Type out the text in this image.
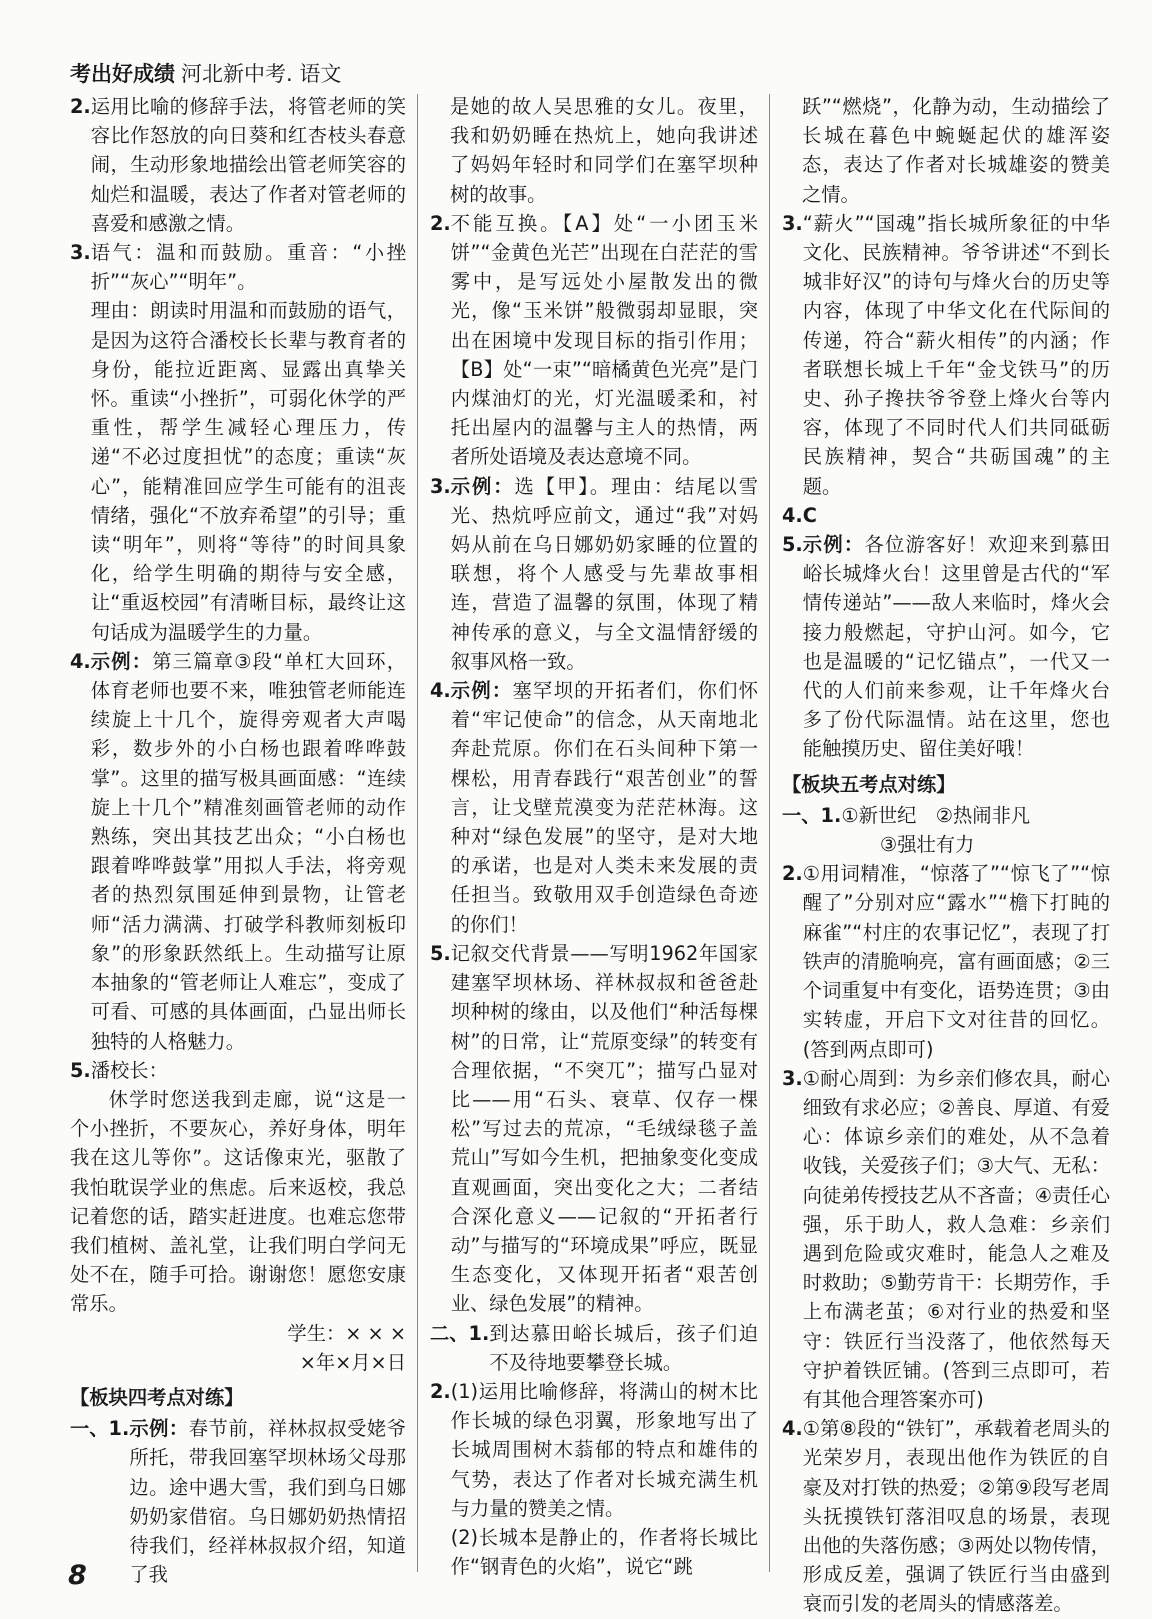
考出好成绩 河北新中考. 语文
2. 运用比喻的修辞手法，将管老师的笑容比作怒放的向日葵和红杏枝头春意闹，生动形象地描绘出管老师笑容的灿烂和温暖，表达了作者对管老师的喜爱和感激之情。
3. 语气：温和而鼓励。重音：“小挫折”“灰心”“明年”。
理由：朗读时用温和而鼓励的语气，是因为这符合潘校长长辈与教育者的身份，能拉近距离、显露出真挚关怀。重读“小挫折”，可弱化休学的严重性，帮学生减轻心理压力，传递“不必过度担忧”的态度；重读“灰心”，能精准回应学生可能有的沮丧情绪，强化“不放弃希望”的引导；重读“明年”，则将“等待”的时间具象化，给学生明确的期待与安全感，让“重返校园”有清晰目标，最终让这句话成为温暖学生的力量。
4. 示例：第三篇章③段“单杠大回环，体育老师也要不来，唯独管老师能连续旋上十几个，旋得旁观者大声喝彩，数步外的小白杨也跟着哗哗鼓掌”。这里的描写极具画面感：“连续旋上十几个”精准刻画管老师的动作熟练，突出其技艺出众；“小白杨也跟着哗哗鼓掌”用拟人手法，将旁观者的热烈氛围延伸到景物，让管老师“活力满满、打破学科教师刻板印象”的形象跃然纸上。生动描写让原本抽象的“管老师让人难忘”，变成了可看、可感的具体画面，凸显出师长独特的人格魅力。
5. 潘校长：

休学时您送我到走廊，说“这是一个小挫折，不要灰心，养好身体，明年我在这儿等你”。这话像束光，驱散了我怕耽误学业的焦虑。后来返校，我总记着您的话，踏实赶进度。也难忘您带我们植树、盖礼堂，让我们明白学问无处不在，随手可拾。谢谢您！愿您安康常乐。

学生：× × ×

×年×月×日

【板块四考点对练】
一、1. 示例：春节前，祥林叔叔受姥爷所托，带我回塞罕坝林场父母那边。途中遇大雪，我们到乌日娜奶奶家借宿。乌日娜奶奶热情招待我们，经祥林叔叔介绍，知道了我

是她的故人吴思雅的女儿。夜里，我和奶奶睡在热炕上，她向我讲述了妈妈年轻时和同学们在塞罕坝种树的故事。

2. 不能互换。【A】处“一小团玉米饼”“金黄色光芒”出现在白茫茫的雪雾中，是写远处小屋散发出的微光，像“玉米饼”般微弱却显眼，突出在困境中发现目标的指引作用；【B】处“一束”“暗橘黄色光亮”是门内煤油灯的光，灯光温暖柔和，衬托出屋内的温馨与主人的热情，两者所处语境及表达意境不同。
3. 示例：选【甲】。理由：结尾以雪光、热炕呼应前文，通过“我”对妈妈从前在乌日娜奶奶家睡的位置的联想，将个人感受与先辈故事相连，营造了温馨的氛围，体现了精神传承的意义，与全文温情舒缓的叙事风格一致。
4. 示例：塞罕坝的开拓者们，你们怀着“牢记使命”的信念，从天南地北奔赴荒原。你们在石头间种下第一棵松，用青春践行“艰苦创业”的誓言，让戈壁荒漠变为茫茫林海。这种对“绿色发展”的坚守，是对大地的承诺，也是对人类未来发展的责任担当。致敬用双手创造绿色奇迹的你们！
5. 记叙交代背景——写明1962年国家建塞罕坝林场、祥林叔叔和爸爸赴坝种树的缘由，以及他们“种活每棵树”的日常，让“荒原变绿”的转变有合理依据，“不突兀”；描写凸显对比——用“石头、衰草、仅存一棵松”写过去的荒凉，“毛绒绿毯子盖荒山”写如今生机，把抽象变化变成直观画面，突出变化之大；二者结合深化意义——记叙的“开拓者行动”与描写的“环境成果”呼应，既显生态变化，又体现开拓者“艰苦创业、绿色发展”的精神。
二、1. 到达慕田峪长城后，孩子们迫不及待地要攀登长城。
2. (1)运用比喻修辞，将满山的树木比作长城的绿色羽翼，形象地写出了长城周围树木蓊郁的特点和雄伟的气势，表达了作者对长城充满生机与力量的赞美之情。
(2)长城本是静止的，作者将长城比作“钢青色的火焰”，说它“跳

跃”“燃烧”，化静为动，生动描绘了长城在暮色中蜿蜒起伏的雄浑姿态，表达了作者对长城雄姿的赞美之情。

3. “薪火”“国魂”指长城所象征的中华文化、民族精神。爷爷讲述“不到长城非好汉”的诗句与烽火台的历史等内容，体现了中华文化在代际间的传递，符合“薪火相传”的内涵；作者联想长城上千年“金戈铁马”的历史、孙子搀扶爷爷登上烽火台等内容，体现了不同时代人们共同砥砺民族精神，契合“共砺国魂”的主题。
4. C
5. 示例：各位游客好！欢迎来到慕田峪长城烽火台！这里曾是古代的“军情传递站”——敌人来临时，烽火会接力般燃起，守护山河。如今，它也是温暖的“记忆锚点”，一代又一代的人们前来参观，让千年烽火台多了份代际温情。站在这里，您也能触摸历史、留住美好哦！
【板块五考点对练】
一、1. ①新世纪　②热闹非凡
③强壮有力
2. ①用词精准，“惊落了”“惊飞了”“惊醒了”分别对应“露水”“檐下打盹的麻雀”“村庄的农事记忆”，表现了打铁声的清脆响亮，富有画面感；②三个词重复中有变化，语势连贯；③由实转虚，开启下文对往昔的回忆。(答到两点即可)
3. ①耐心周到：为乡亲们修农具，耐心细致有求必应；②善良、厚道、有爱心：体谅乡亲们的难处，从不急着收钱，关爱孩子们；③大气、无私：向徒弟传授技艺从不吝啬；④责任心强，乐于助人，救人急难：乡亲们遇到危险或灾难时，能急人之难及时救助；⑤勤劳肯干：长期劳作，手上布满老茧；⑥对行业的热爱和坚守：铁匠行当没落了，他依然每天守护着铁匠铺。(答到三点即可，若有其他合理答案亦可)
4. ①第⑧段的“铁钉”，承载着老周头的光荣岁月，表现出他作为铁匠的自豪及对打铁的热爱；②第⑨段写老周头抚摸铁钉落泪叹息的场景，表现出他的失落伤感；③两处以物传情，形成反差，强调了铁匠行当由盛到衰而引发的老周头的情感落差。
8
